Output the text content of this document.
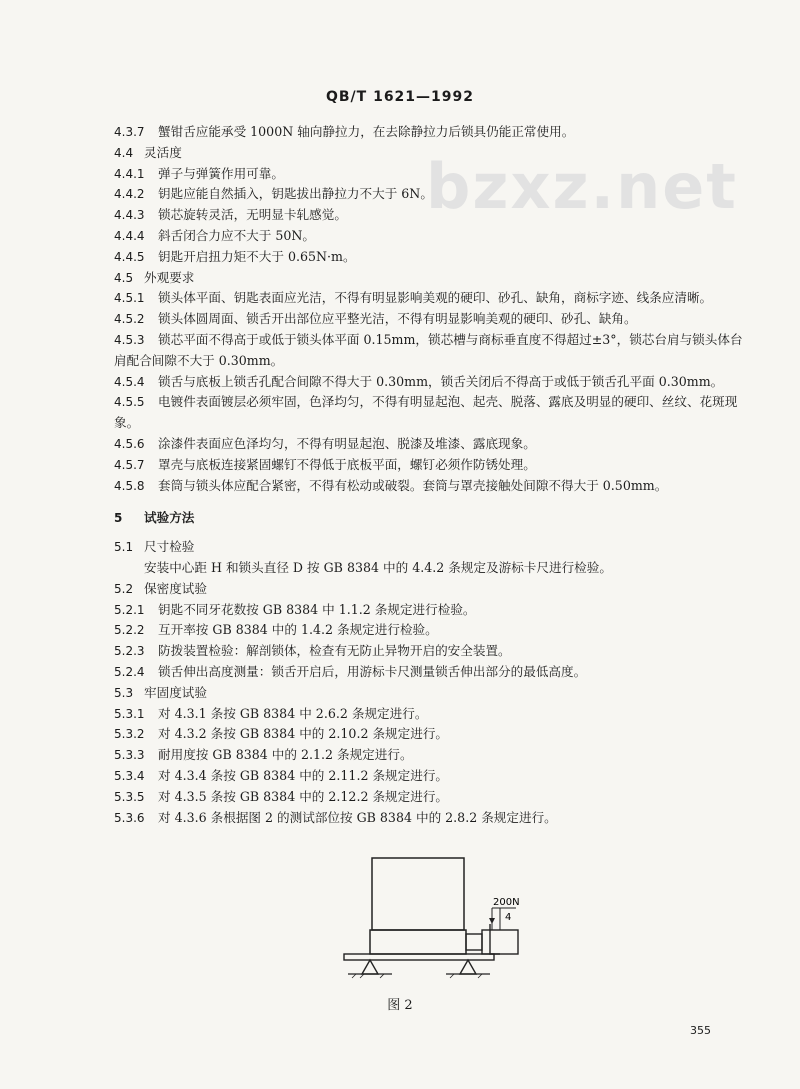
QB/T 1621—1992
bzxz.net
4.3.7 蟹钳舌应能承受 1000N 轴向静拉力，在去除静拉力后锁具仍能正常使用。
4.4 灵活度
4.4.1 弹子与弹簧作用可靠。
4.4.2 钥匙应能自然插入，钥匙拔出静拉力不大于 6N。
4.4.3 锁芯旋转灵活，无明显卡轧感觉。
4.4.4 斜舌闭合力应不大于 50N。
4.4.5 钥匙开启扭力矩不大于 0.65N·m。
4.5 外观要求
4.5.1 锁头体平面、钥匙表面应光洁，不得有明显影响美观的硬印、砂孔、缺角，商标字迹、线条应清晰。
4.5.2 锁头体圆周面、锁舌开出部位应平整光洁，不得有明显影响美观的硬印、砂孔、缺角。
4.5.3 锁芯平面不得高于或低于锁头体平面 0.15mm，锁芯槽与商标垂直度不得超过±3°，锁芯台肩与锁头体台肩配合间隙不大于 0.30mm。
4.5.4 锁舌与底板上锁舌孔配合间隙不得大于 0.30mm，锁舌关闭后不得高于或低于锁舌孔平面 0.30mm。
4.5.5 电镀件表面镀层必须牢固，色泽均匀，不得有明显起泡、起壳、脱落、露底及明显的硬印、丝纹、花斑现象。
4.5.6 涂漆件表面应色泽均匀，不得有明显起泡、脱漆及堆漆、露底现象。
4.5.7 罩壳与底板连接紧固螺钉不得低于底板平面，螺钉必须作防锈处理。
4.5.8 套筒与锁头体应配合紧密，不得有松动或破裂。套筒与罩壳接触处间隙不得大于 0.50mm。
5 试验方法
5.1 尺寸检验
安装中心距 H 和锁头直径 D 按 GB 8384 中的 4.4.2 条规定及游标卡尺进行检验。
5.2 保密度试验
5.2.1 钥匙不同牙花数按 GB 8384 中 1.1.2 条规定进行检验。
5.2.2 互开率按 GB 8384 中的 1.4.2 条规定进行检验。
5.2.3 防拨装置检验：解剖锁体，检查有无防止异物开启的安全装置。
5.2.4 锁舌伸出高度测量：锁舌开启后，用游标卡尺测量锁舌伸出部分的最低高度。
5.3 牢固度试验
5.3.1 对 4.3.1 条按 GB 8384 中 2.6.2 条规定进行。
5.3.2 对 4.3.2 条按 GB 8384 中的 2.10.2 条规定进行。
5.3.3 耐用度按 GB 8384 中的 2.1.2 条规定进行。
5.3.4 对 4.3.4 条按 GB 8384 中的 2.11.2 条规定进行。
5.3.5 对 4.3.5 条按 GB 8384 中的 2.12.2 条规定进行。
5.3.6 对 4.3.6 条根据图 2 的测试部位按 GB 8384 中的 2.8.2 条规定进行。
200N
4
图 2
355
